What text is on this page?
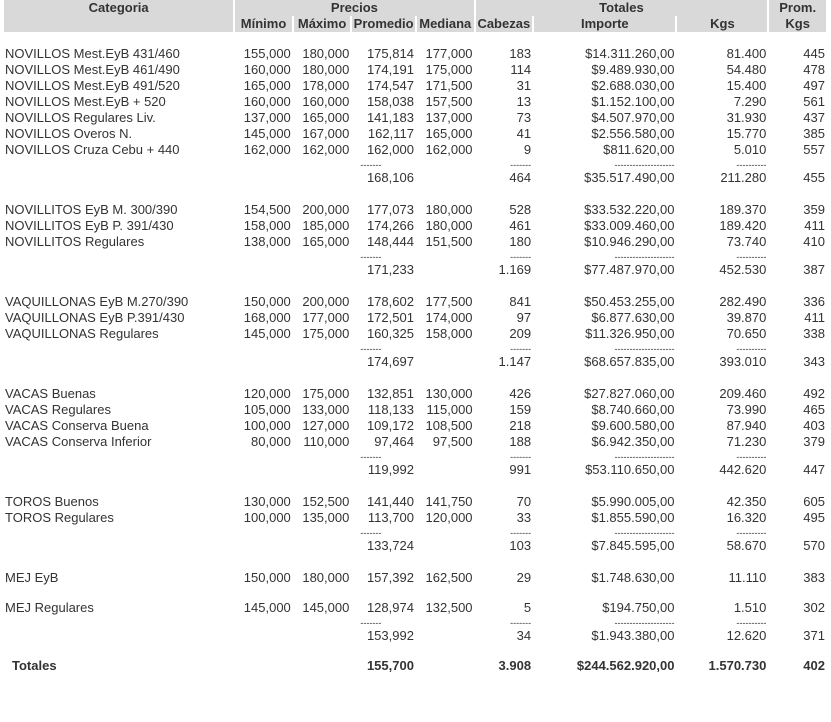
Categoria	Precios				Totales			Prom.
	Mínimo	Máximo	Promedio	Mediana	Cabezas	Importe	Kgs	Kgs

NOVILLOS Mest.EyB 431/460	155,000	180,000	175,814	177,000	183	$14.311.260,00	81.400	445
NOVILLOS Mest.EyB 461/490	160,000	180,000	174,191	175,000	114	$9.489.930,00	54.480	478
NOVILLOS Mest.EyB 491/520	165,000	178,000	174,547	171,500	31	$2.688.030,00	15.400	497
NOVILLOS Mest.EyB + 520	160,000	160,000	158,038	157,500	13	$1.152.100,00	7.290	561
NOVILLOS Regulares Liv.	137,000	165,000	141,183	137,000	73	$4.507.970,00	31.930	437
NOVILLOS Overos N.	145,000	167,000	162,117	165,000	41	$2.556.580,00	15.770	385
NOVILLOS Cruza Cebu + 440	162,000	162,000	162,000	162,000	9	$811.620,00	5.010	557
			-------		-------	--------------------	----------	
			168,106		464	$35.517.490,00	211.280	455

NOVILLITOS EyB M. 300/390	154,500	200,000	177,073	180,000	528	$33.532.220,00	189.370	359
NOVILLITOS EyB P. 391/430	158,000	185,000	174,266	180,000	461	$33.009.460,00	189.420	411
NOVILLITOS Regulares	138,000	165,000	148,444	151,500	180	$10.946.290,00	73.740	410
			-------		-------	--------------------	----------	
			171,233		1.169	$77.487.970,00	452.530	387

VAQUILLONAS EyB M.270/390	150,000	200,000	178,602	177,500	841	$50.453.255,00	282.490	336
VAQUILLONAS EyB P.391/430	168,000	177,000	172,501	174,000	97	$6.877.630,00	39.870	411
VAQUILLONAS Regulares	145,000	175,000	160,325	158,000	209	$11.326.950,00	70.650	338
			-------		-------	--------------------	----------	
			174,697		1.147	$68.657.835,00	393.010	343

VACAS Buenas	120,000	175,000	132,851	130,000	426	$27.827.060,00	209.460	492
VACAS Regulares	105,000	133,000	118,133	115,000	159	$8.740.660,00	73.990	465
VACAS Conserva Buena	100,000	127,000	109,172	108,500	218	$9.600.580,00	87.940	403
VACAS Conserva Inferior	80,000	110,000	97,464	97,500	188	$6.942.350,00	71.230	379
			-------		-------	--------------------	----------	
			119,992		991	$53.110.650,00	442.620	447

TOROS Buenos	130,000	152,500	141,440	141,750	70	$5.990.005,00	42.350	605
TOROS Regulares	100,000	135,000	113,700	120,000	33	$1.855.590,00	16.320	495
			-------		-------	--------------------	----------	
			133,724		103	$7.845.595,00	58.670	570

MEJ EyB	150,000	180,000	157,392	162,500	29	$1.748.630,00	11.110	383

MEJ Regulares	145,000	145,000	128,974	132,500	5	$194.750,00	1.510	302
			-------		-------	--------------------	----------	
			153,992		34	$1.943.380,00	12.620	371

Totales			155,700		3.908	$244.562.920,00	1.570.730	402
